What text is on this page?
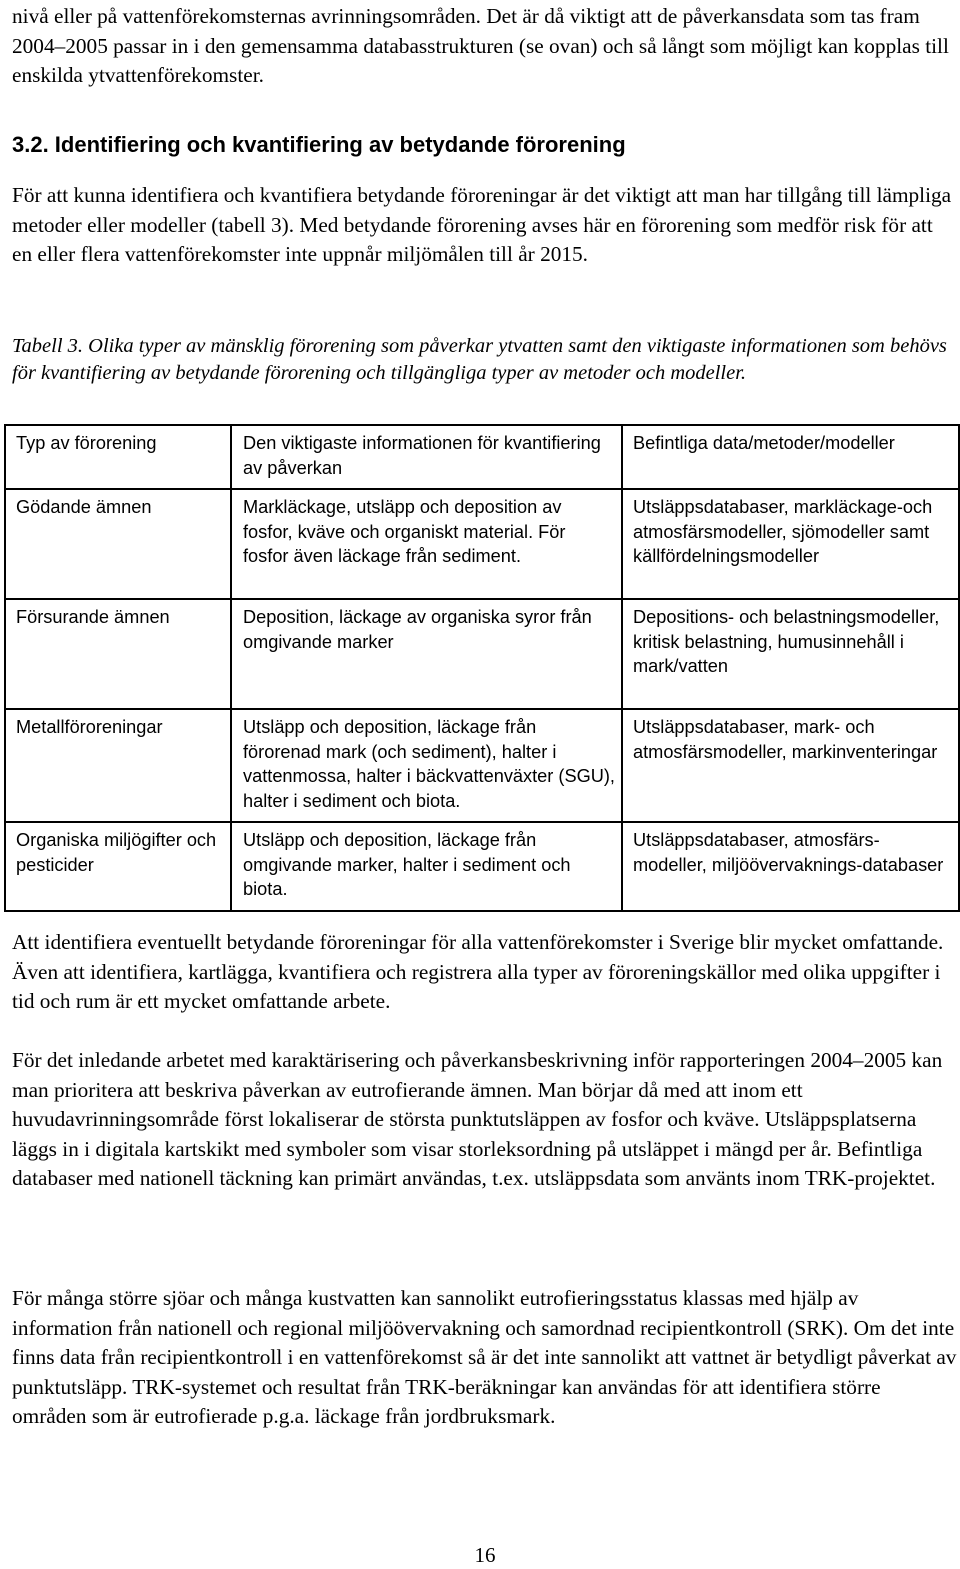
nivå eller på vattenförekomsternas avrinningsområden. Det är då viktigt att de påverkansdata som tas fram 2004–2005 passar in i den gemensamma databasstrukturen (se ovan) och så långt som möjligt kan kopplas till enskilda ytvattenförekomster.

3.2. Identifiering och kvantifiering av betydande förorening

För att kunna identifiera och kvantifiera betydande föroreningar är det viktigt att man har tillgång till lämpliga metoder eller modeller (tabell 3). Med betydande förorening avses här en förorening som medför risk för att en eller flera vattenförekomster inte uppnår miljömålen till år 2015.

Tabell 3. Olika typer av mänsklig förorening som påverkar ytvatten samt den viktigaste informationen som behövs för kvantifiering av betydande förorening och tillgängliga typer av metoder och modeller.

Typ av förorening	Den viktigaste informationen för kvantifiering av påverkan	Befintliga data/metoder/modeller
Gödande ämnen	Markläckage, utsläpp och deposition av fosfor, kväve och organiskt material. För fosfor även läckage från sediment.	Utsläppsdatabaser, markläckage-och atmosfärsmodeller, sjömodeller samt källfördelningsmodeller
Försurande ämnen	Deposition, läckage av organiska syror från omgivande marker	Depositions- och belastningsmodeller, kritisk belastning, humusinnehåll i mark/vatten
Metallföroreningar	Utsläpp och deposition, läckage från förorenad mark (och sediment), halter i vattenmossa, halter i bäckvattenväxter (SGU), halter i sediment och biota.	Utsläppsdatabaser, mark- och atmosfärsmodeller, markinventeringar
Organiska miljögifter och pesticider	Utsläpp och deposition, läckage från omgivande marker, halter i sediment och biota.	Utsläppsdatabaser, atmosfärs-modeller, miljöövervaknings-databaser

Att identifiera eventuellt betydande föroreningar för alla vattenförekomster i Sverige blir mycket omfattande. Även att identifiera, kartlägga, kvantifiera och registrera alla typer av föroreningskällor med olika uppgifter i tid och rum är ett mycket omfattande arbete.

För det inledande arbetet med karaktärisering och påverkansbeskrivning inför rapporteringen 2004–2005 kan man prioritera att beskriva påverkan av eutrofierande ämnen. Man börjar då med att inom ett huvudavrinningsområde först lokaliserar de största punktutsläppen av fosfor och kväve. Utsläppsplatserna läggs in i digitala kartskikt med symboler som visar storleksordning på utsläppet i mängd per år. Befintliga databaser med nationell täckning kan primärt användas, t.ex. utsläppsdata som använts inom TRK-projektet.

För många större sjöar och många kustvatten kan sannolikt eutrofieringsstatus klassas med hjälp av information från nationell och regional miljöövervakning och samordnad recipientkontroll (SRK). Om det inte finns data från recipientkontroll i en vattenförekomst så är det inte sannolikt att vattnet är betydligt påverkat av punktutsläpp. TRK-systemet och resultat från TRK-beräkningar kan användas för att identifiera större områden som är eutrofierade p.g.a. läckage från jordbruksmark.

16
